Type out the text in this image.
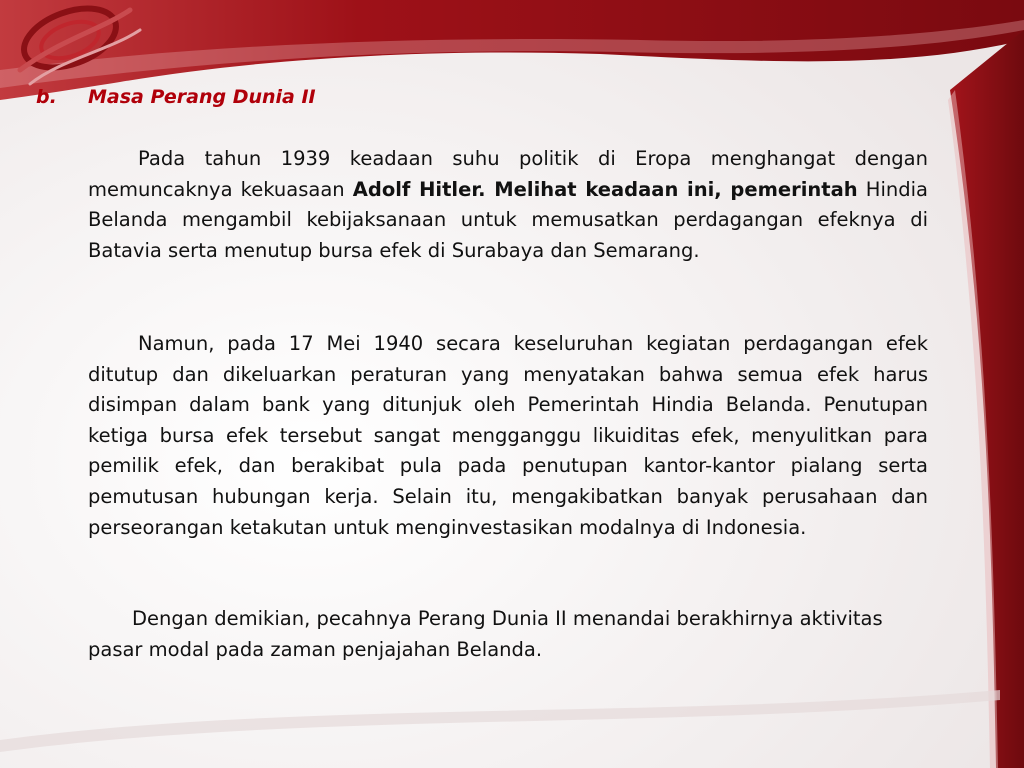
b. Masa Perang Dunia II

Pada tahun 1939 keadaan suhu politik di Eropa menghangat dengan memuncaknya kekuasaan Adolf Hitler. Melihat keadaan ini, pemerintah Hindia Belanda mengambil kebijaksanaan untuk memusatkan perdagangan efeknya di Batavia serta menutup bursa efek di Surabaya dan Semarang.

Namun, pada 17 Mei 1940 secara keseluruhan kegiatan perdagangan efek ditutup dan dikeluarkan peraturan yang menyatakan bahwa semua efek harus disimpan dalam bank yang ditunjuk oleh Pemerintah Hindia Belanda. Penutupan ketiga bursa efek tersebut sangat mengganggu likuiditas efek, menyulitkan para pemilik efek, dan berakibat pula pada penutupan kantor-kantor pialang serta pemutusan hubungan kerja. Selain itu, mengakibatkan banyak perusahaan dan perseorangan ketakutan untuk menginvestasikan modalnya di Indonesia.

Dengan demikian, pecahnya Perang Dunia II menandai berakhirnya aktivitas pasar modal pada zaman penjajahan Belanda.
